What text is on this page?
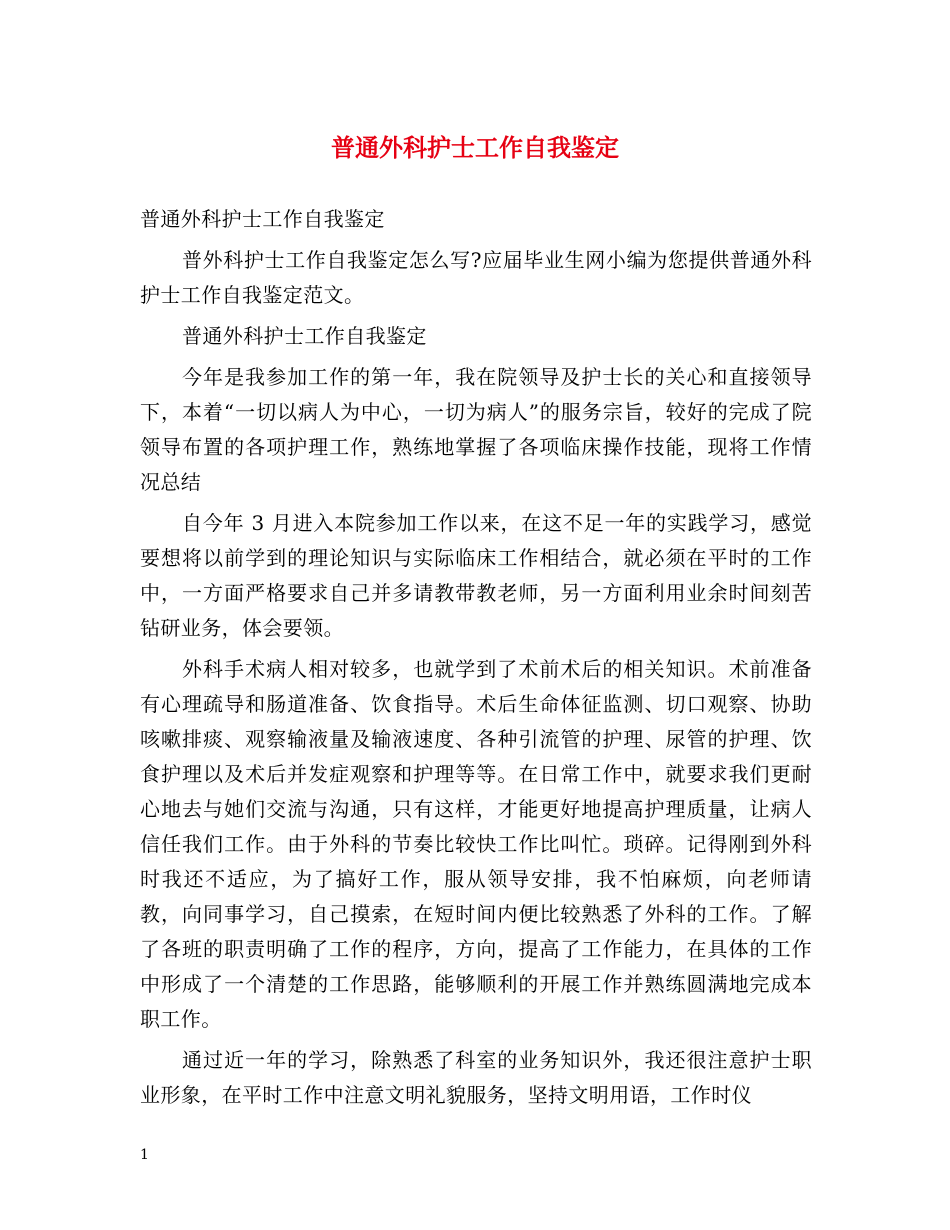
普通外科护士工作自我鉴定

普通外科护士工作自我鉴定

普外科护士工作自我鉴定怎么写?应届毕业生网小编为您提供普通外科护士工作自我鉴定范文。

普通外科护士工作自我鉴定

今年是我参加工作的第一年，我在院领导及护士长的关心和直接领导下，本着“一切以病人为中心，一切为病人”的服务宗旨，较好的完成了院领导布置的各项护理工作，熟练地掌握了各项临床操作技能，现将工作情况总结

自今年 3 月进入本院参加工作以来，在这不足一年的实践学习，感觉要想将以前学到的理论知识与实际临床工作相结合，就必须在平时的工作中，一方面严格要求自己并多请教带教老师，另一方面利用业余时间刻苦钻研业务，体会要领。

外科手术病人相对较多，也就学到了术前术后的相关知识。术前准备有心理疏导和肠道准备、饮食指导。术后生命体征监测、切口观察、协助咳嗽排痰、观察输液量及输液速度、各种引流管的护理、尿管的护理、饮食护理以及术后并发症观察和护理等等。在日常工作中，就要求我们更耐心地去与她们交流与沟通，只有这样，才能更好地提高护理质量，让病人信任我们工作。由于外科的节奏比较快工作比叫忙。琐碎。记得刚到外科时我还不适应，为了搞好工作，服从领导安排，我不怕麻烦，向老师请教，向同事学习，自己摸索，在短时间内便比较熟悉了外科的工作。了解了各班的职责明确了工作的程序，方向，提高了工作能力，在具体的工作中形成了一个清楚的工作思路，能够顺利的开展工作并熟练圆满地完成本职工作。

通过近一年的学习，除熟悉了科室的业务知识外，我还很注意护士职业形象，在平时工作中注意文明礼貌服务，坚持文明用语，工作时仪

1
